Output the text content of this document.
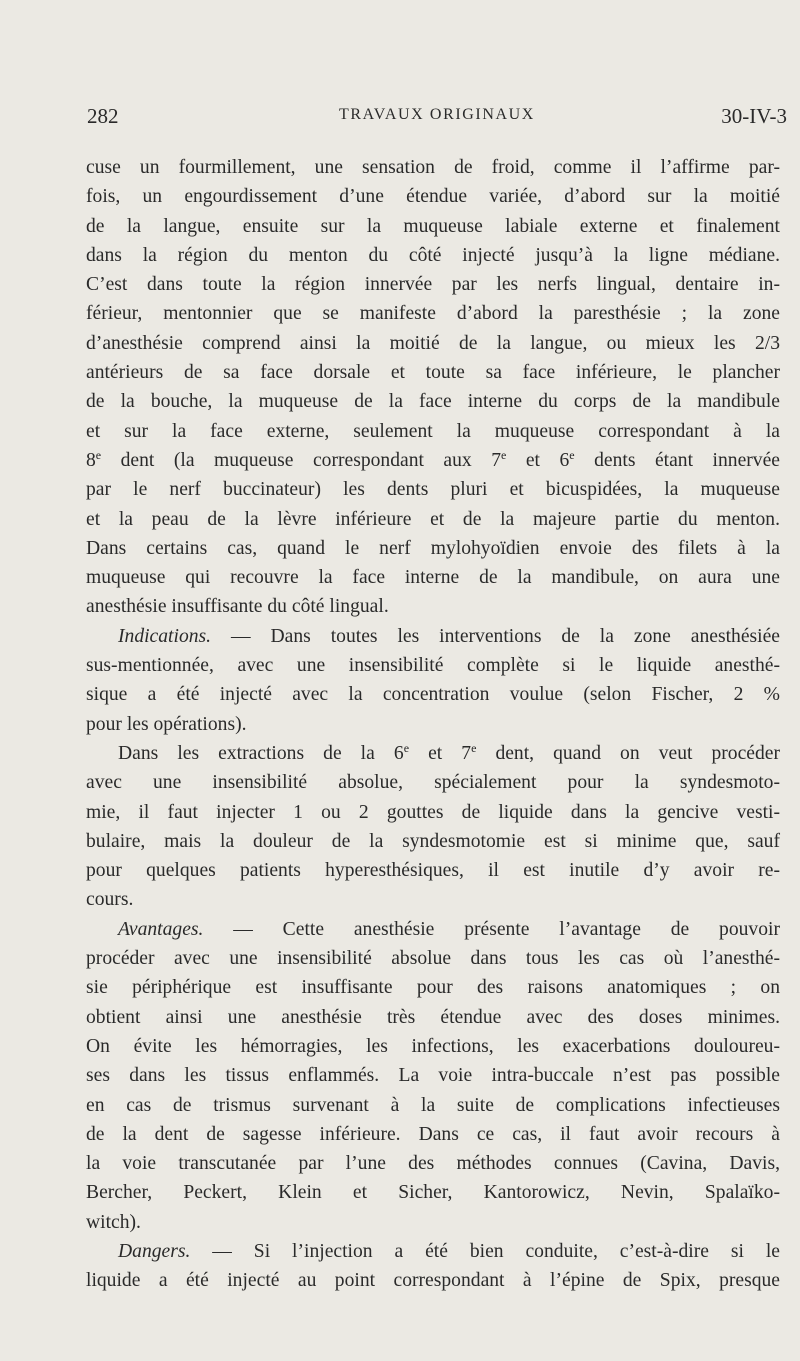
282	TRAVAUX ORIGINAUX	30-IV-3
cuse un fourmillement, une sensation de froid, comme il l’affirme par-
fois, un engourdissement d’une étendue variée, d’abord sur la moitié
de la langue, ensuite sur la muqueuse labiale externe et finalement
dans la région du menton du côté injecté jusqu’à la ligne médiane.
C’est dans toute la région innervée par les nerfs lingual, dentaire in-
férieur, mentonnier que se manifeste d’abord la paresthésie ; la zone
d’anesthésie comprend ainsi la moitié de la langue, ou mieux les 2/3
antérieurs de sa face dorsale et toute sa face inférieure, le plancher
de la bouche, la muqueuse de la face interne du corps de la mandibule
et sur la face externe, seulement la muqueuse correspondant à la
8e dent (la muqueuse correspondant aux 7e et 6e dents étant innervée
par le nerf buccinateur) les dents pluri et bicuspidées, la muqueuse
et la peau de la lèvre inférieure et de la majeure partie du menton.
Dans certains cas, quand le nerf mylohyoïdien envoie des filets à la
muqueuse qui recouvre la face interne de la mandibule, on aura une
anesthésie insuffisante du côté lingual.
Indications. — Dans toutes les interventions de la zone anesthésiée
sus-mentionnée, avec une insensibilité complète si le liquide anesthé-
sique a été injecté avec la concentration voulue (selon Fischer, 2 %
pour les opérations).
Dans les extractions de la 6e et 7e dent, quand on veut procéder
avec une insensibilité absolue, spécialement pour la syndesmoto-
mie, il faut injecter 1 ou 2 gouttes de liquide dans la gencive vesti-
bulaire, mais la douleur de la syndesmotomie est si minime que, sauf
pour quelques patients hyperesthésiques, il est inutile d’y avoir re-
cours.
Avantages. — Cette anesthésie présente l’avantage de pouvoir
procéder avec une insensibilité absolue dans tous les cas où l’anesthé-
sie périphérique est insuffisante pour des raisons anatomiques ; on
obtient ainsi une anesthésie très étendue avec des doses minimes.
On évite les hémorragies, les infections, les exacerbations douloureu-
ses dans les tissus enflammés. La voie intra-buccale n’est pas possible
en cas de trismus survenant à la suite de complications infectieuses
de la dent de sagesse inférieure. Dans ce cas, il faut avoir recours à
la voie transcutanée par l’une des méthodes connues (Cavina, Davis,
Bercher, Peckert, Klein et Sicher, Kantorowicz, Nevin, Spalaïko-
witch).
Dangers. — Si l’injection a été bien conduite, c’est-à-dire si le
liquide a été injecté au point correspondant à l’épine de Spix, presque
